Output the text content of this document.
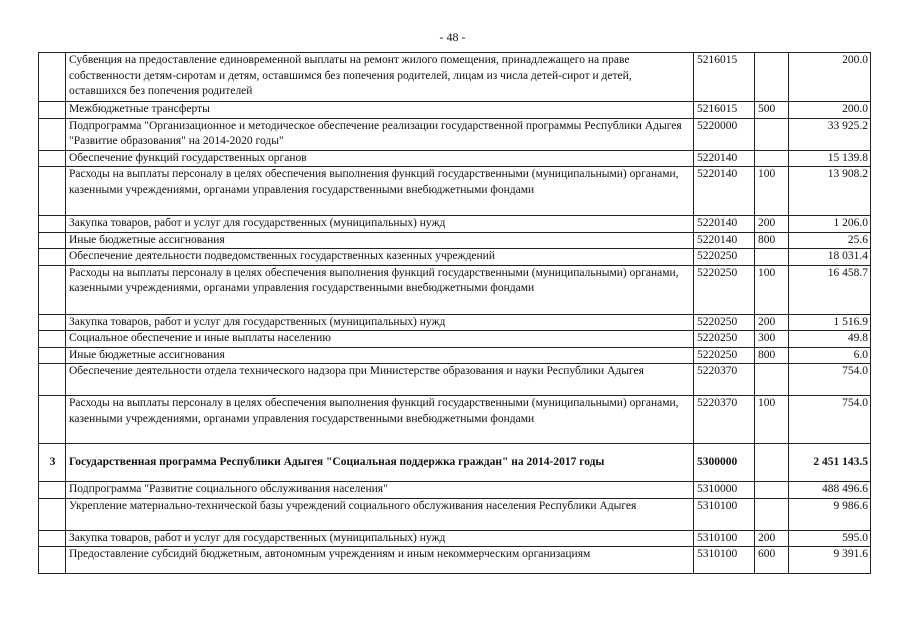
- 48 -
	Субвенция на предоставление единовременной выплаты на ремонт жилого помещения, принадлежащего на праве собственности детям-сиротам и детям, оставшимся без попечения родителей, лицам из числа детей-сирот и детей, оставшихся без попечения родителей	5216015		200.0
	Межбюджетные трансферты	5216015	500	200.0
	Подпрограмма "Организационное и методическое обеспечение реализации государственной программы Республики Адыгея "Развитие образования" на 2014-2020 годы"	5220000		33 925.2
	Обеспечение функций государственных органов	5220140		15 139.8
	Расходы на выплаты персоналу в целях обеспечения выполнения функций государственными (муниципальными) органами, казенными учреждениями, органами управления государственными внебюджетными фондами	5220140	100	13 908.2
	Закупка товаров, работ и услуг для государственных (муниципальных) нужд	5220140	200	1 206.0
	Иные бюджетные ассигнования	5220140	800	25.6
	Обеспечение деятельности подведомственных государственных казенных учреждений	5220250		18 031.4
	Расходы на выплаты персоналу в целях обеспечения выполнения функций государственными (муниципальными) органами, казенными учреждениями, органами управления государственными внебюджетными фондами	5220250	100	16 458.7
	Закупка товаров, работ и услуг для государственных (муниципальных) нужд	5220250	200	1 516.9
	Социальное обеспечение и иные выплаты населению	5220250	300	49.8
	Иные бюджетные ассигнования	5220250	800	6.0
	Обеспечение деятельности отдела технического надзора при Министерстве образования и науки Республики Адыгея	5220370		754.0
	Расходы на выплаты персоналу в целях обеспечения выполнения функций государственными (муниципальными) органами, казенными учреждениями, органами управления государственными внебюджетными фондами	5220370	100	754.0
3	Государственная программа Республики Адыгея "Социальная поддержка граждан" на 2014-2017 годы	5300000		2 451 143.5
	Подпрограмма "Развитие социального обслуживания населения"	5310000		488 496.6
	Укрепление материально-технической базы учреждений социального обслуживания населения Республики Адыгея	5310100		9 986.6
	Закупка товаров, работ и услуг для государственных (муниципальных) нужд	5310100	200	595.0
	Предоставление субсидий бюджетным, автономным учреждениям и иным некоммерческим организациям	5310100	600	9 391.6
